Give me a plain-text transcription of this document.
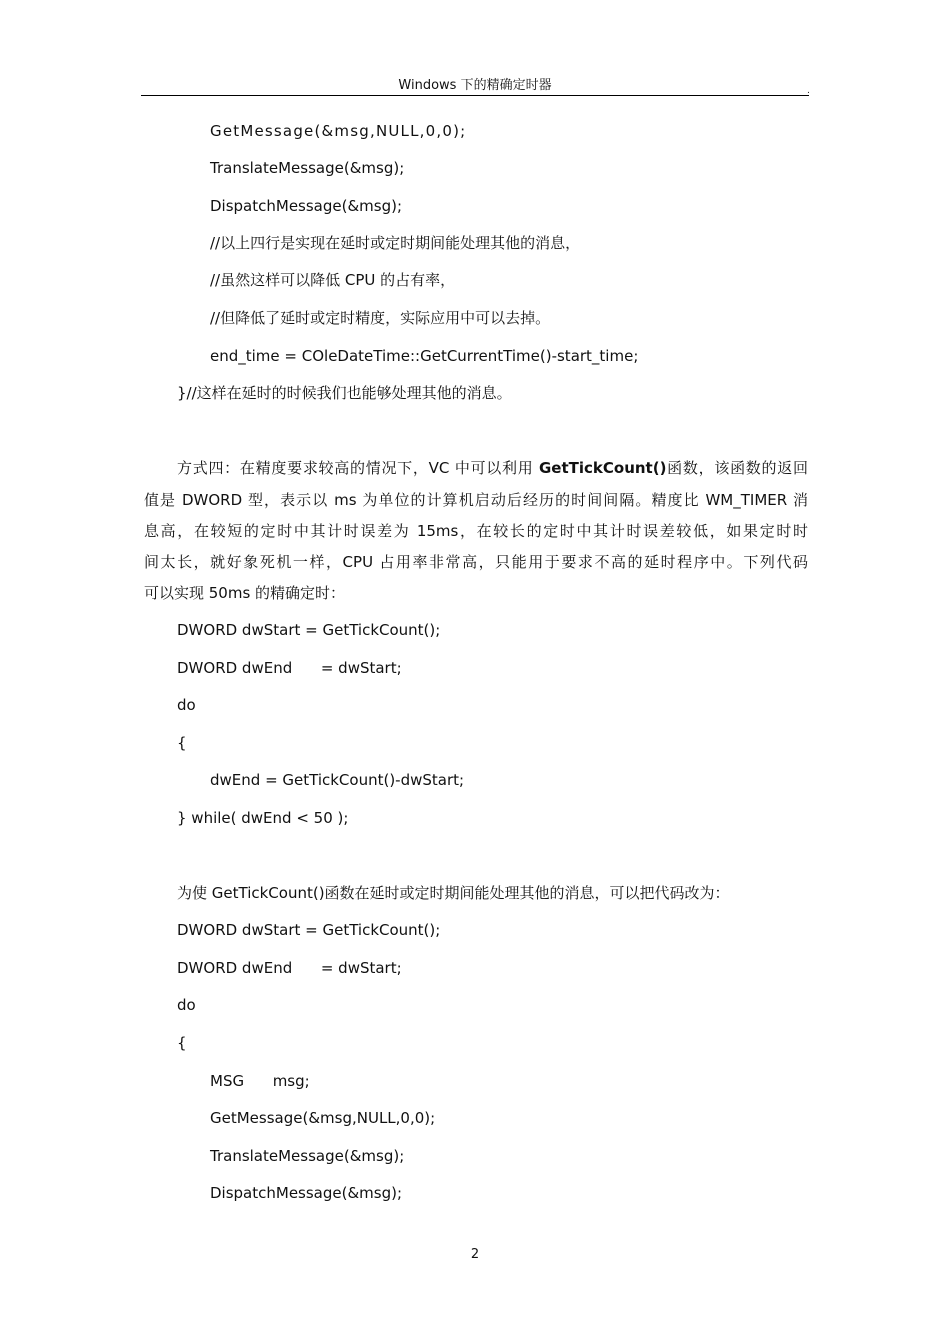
Windows 下的精确定时器	.
GetMessage(&msg,NULL,0,0);
TranslateMessage(&msg);
DispatchMessage(&msg);
//以上四行是实现在延时或定时期间能处理其他的消息，
//虽然这样可以降低 CPU 的占有率，
//但降低了延时或定时精度，实际应用中可以去掉。
end_time = COleDateTime::GetCurrentTime()-start_time;
}//这样在延时的时候我们也能够处理其他的消息。
方式四：在精度要求较高的情况下，VC 中可以利用 GetTickCount()函数，该函数的返回
值是 DWORD 型，表示以 ms 为单位的计算机启动后经历的时间间隔。精度比 WM_TIMER 消
息高，在较短的定时中其计时误差为 15ms，在较长的定时中其计时误差较低，如果定时时
间太长，就好象死机一样，CPU 占用率非常高，只能用于要求不高的延时程序中。下列代码
可以实现 50ms 的精确定时：
DWORD dwStart = GetTickCount();
DWORD dwEnd      = dwStart;
do
{
dwEnd = GetTickCount()-dwStart;
} while( dwEnd < 50 );
为使 GetTickCount()函数在延时或定时期间能处理其他的消息，可以把代码改为：
DWORD dwStart = GetTickCount();
DWORD dwEnd      = dwStart;
do
{
MSG      msg;
GetMessage(&msg,NULL,0,0);
TranslateMessage(&msg);
DispatchMessage(&msg);
2
